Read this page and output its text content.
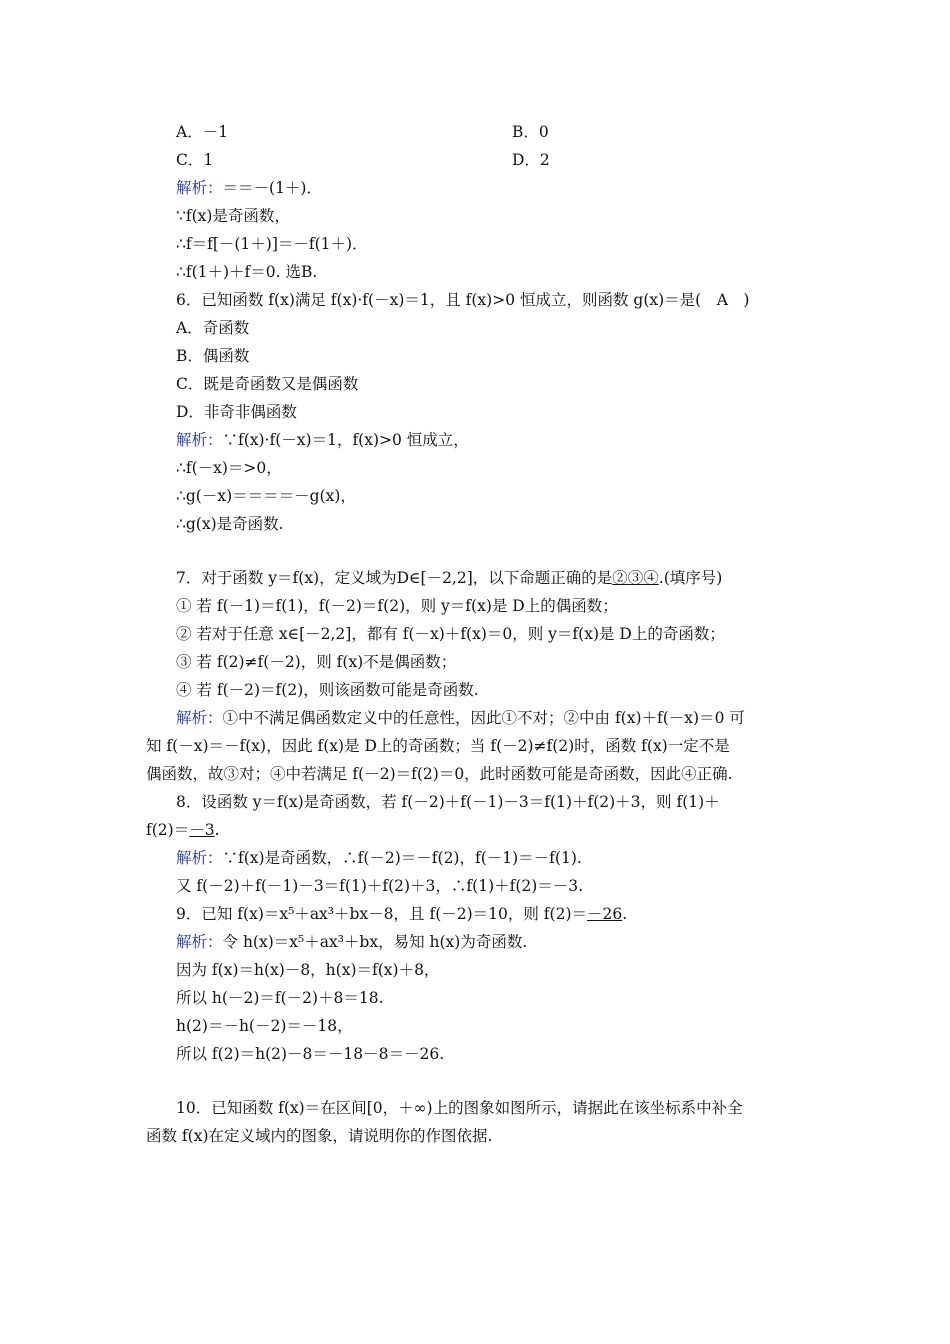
A．－1	B．0
C．1	D．2
解析：＝＝－(1＋)．
∵f(x)是奇函数，
∴f＝f[－(1＋)]＝－f(1＋)．
∴f(1＋)＋f＝0. 选B.
6．已知函数 f(x)满足 f(x)·f(－x)＝1，且 f(x)>0 恒成立，则函数 g(x)＝是(　A　)
A．奇函数
B．偶函数
C．既是奇函数又是偶函数
D．非奇非偶函数
解析：∵f(x)·f(－x)＝1，f(x)>0 恒成立，
∴f(－x)＝>0，
∴g(－x)＝＝＝＝－g(x)，
∴g(x)是奇函数.
7．对于函数 y＝f(x)，定义域为D∈[－2,2]，以下命题正确的是②③④.(填序号)
① 若 f(－1)＝f(1)，f(－2)＝f(2)，则 y＝f(x)是 D上的偶函数；
② 若对于任意 x∈[－2,2]，都有 f(－x)＋f(x)＝0，则 y＝f(x)是 D上的奇函数；
③ 若 f(2)≠f(－2)，则 f(x)不是偶函数；
④ 若 f(－2)＝f(2)，则该函数可能是奇函数.
解析：①中不满足偶函数定义中的任意性，因此①不对；②中由 f(x)＋f(－x)＝0 可
知 f(－x)＝－f(x)，因此 f(x)是 D上的奇函数；当 f(－2)≠f(2)时，函数 f(x)一定不是
偶函数，故③对；④中若满足 f(－2)＝f(2)＝0，此时函数可能是奇函数，因此④正确.
8．设函数 y＝f(x)是奇函数，若 f(－2)＋f(－1)－3＝f(1)＋f(2)＋3，则 f(1)＋
f(2)＝－3.
解析：∵f(x)是奇函数，∴f(－2)＝－f(2)，f(－1)＝－f(1).
又 f(－2)＋f(－1)－3＝f(1)＋f(2)＋3，∴f(1)＋f(2)＝－3.
9．已知 f(x)＝x⁵＋ax³＋bx－8，且 f(－2)＝10，则 f(2)＝－26.
解析：令 h(x)＝x⁵＋ax³＋bx，易知 h(x)为奇函数.
因为 f(x)＝h(x)－8，h(x)＝f(x)＋8，
所以 h(－2)＝f(－2)＋8＝18.
h(2)＝－h(－2)＝－18，
所以 f(2)＝h(2)－8＝－18－8＝－26.
10．已知函数 f(x)＝在区间[0，＋∞)上的图象如图所示，请据此在该坐标系中补全
函数 f(x)在定义域内的图象，请说明你的作图依据.
